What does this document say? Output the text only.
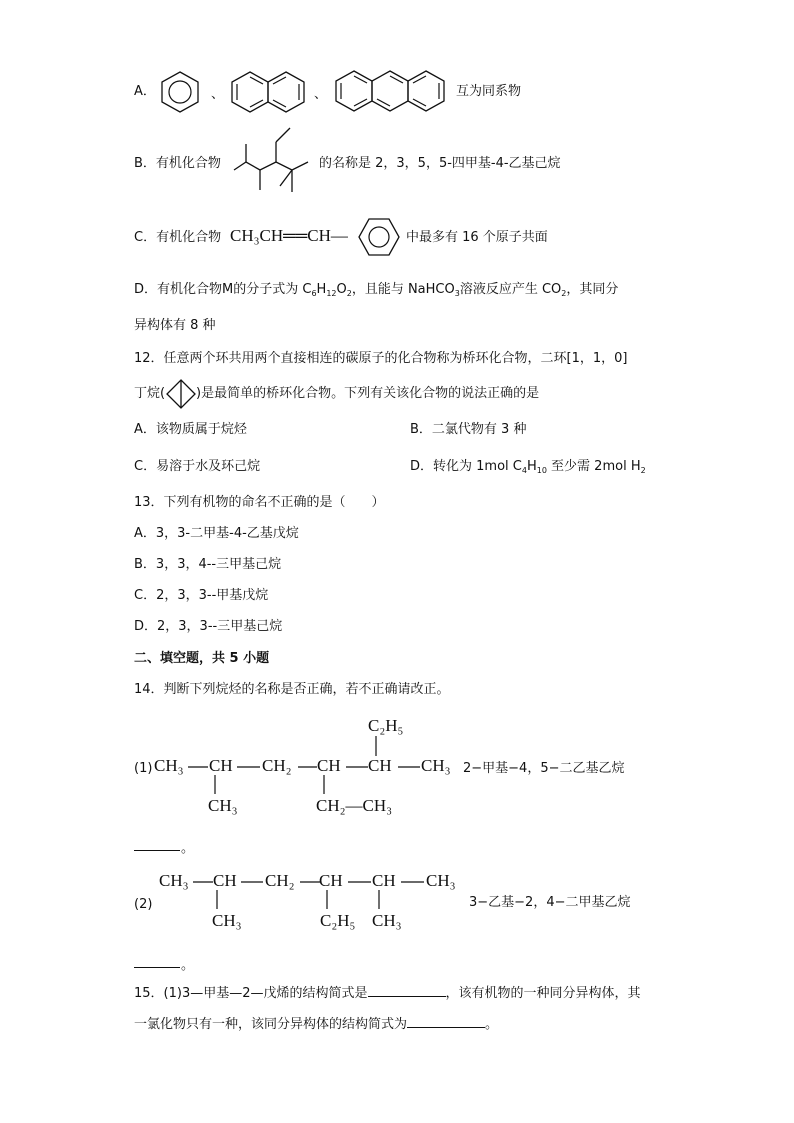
A．	、	、	互为同系物
B．有机化合物	的名称是 2，3，5，5-四甲基-4-乙基己烷
C．有机化合物 CH₃CH══CH—	中最多有 16 个原子共面
D．有机化合物M的分子式为 $C_6H_{12}O_2$，且能与 NaHCO$_3$溶液反应产生 $CO_2$，其同分
异构体有 8 种
12．任意两个环共用两个直接相连的碳原子的化合物称为桥环化合物，二环[1，1，0]
丁烷( )是最简单的桥环化合物。下列有关该化合物的说法正确的是
A．该物质属于烷烃	B．二氯代物有 3 种
C．易溶于水及环己烷	D．转化为 1mol $C_4H_{10}$ 至少需 2mol $H_2$
13．下列有机物的命名不正确的是（　　）
A．3，3-二甲基-4-乙基戊烷
B．3，3，4--三甲基己烷
C．2，3，3--甲基戊烷
D．2，3，3--三甲基己烷
二、填空题，共 5 小题
14．判断下列烷烃的名称是否正确，若不正确请改正。
(1)
C₂H₅
CH₃ CH CH₂ CH CH CH₃
CH₃	CH₂—CH₃
2−甲基−4，5−二乙基乙烷
。
(2)
CH₃ CH CH₂ CH CH CH₃
CH₃	C₂H₅ CH₃
3−乙基−2，4−二甲基乙烷
。
15．(1)3—甲基—2—戊烯的结构简式是	，该有机物的一种同分异构体，其
一氯化物只有一种，该同分异构体的结构简式为	。
